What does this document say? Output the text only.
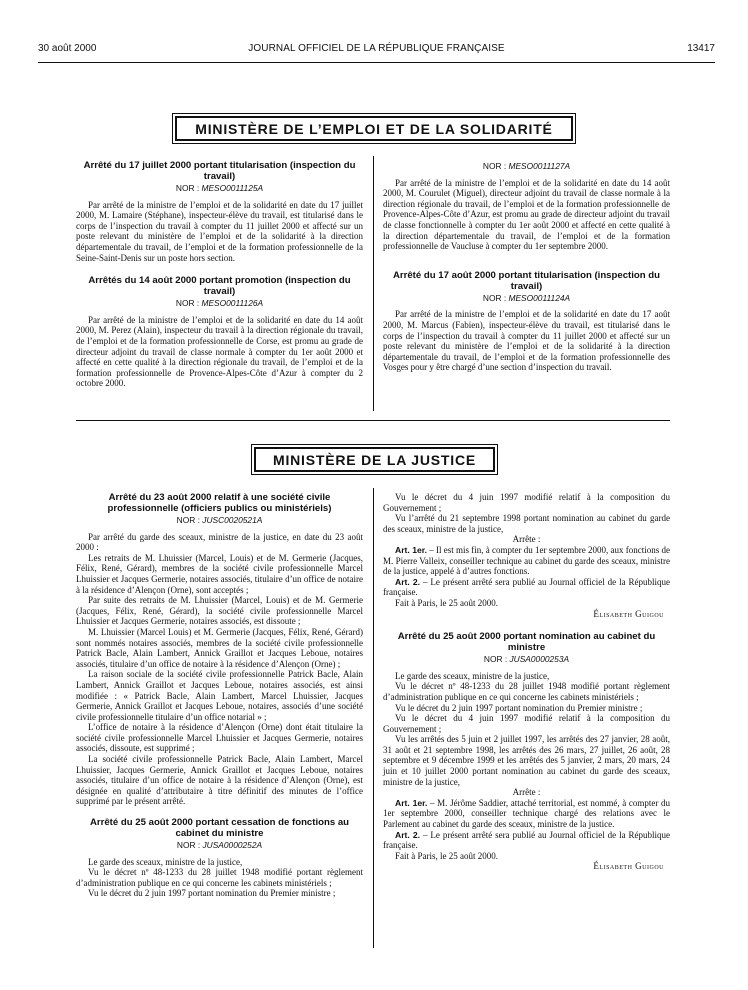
30 août 2000	JOURNAL OFFICIEL DE LA RÉPUBLIQUE FRANÇAISE	13417
MINISTÈRE DE L’EMPLOI ET DE LA SOLIDARITÉ

Arrêté du 17 juillet 2000 portant titularisation (inspection du travail)

NOR : MESO0011125A

Par arrêté de la ministre de l’emploi et de la solidarité en date du 17 juillet 2000, M. Lamaire (Stéphane), inspecteur-élève du travail, est titularisé dans le corps de l’inspection du travail à compter du 11 juillet 2000 et affecté sur un poste relevant du ministère de l’emploi et de la solidarité à la direction départementale du travail, de l’emploi et de la formation professionnelle de la Seine-Saint-Denis sur un poste hors section.

Arrêtés du 14 août 2000 portant promotion (inspection du travail)

NOR : MESO0011126A

Par arrêté de la ministre de l’emploi et de la solidarité en date du 14 août 2000, M. Perez (Alain), inspecteur du travail à la direction régionale du travail, de l’emploi et de la formation professionnelle de Corse, est promu au grade de directeur adjoint du travail de classe normale à compter du 1er août 2000 et affecté en cette qualité à la direction régionale du travail, de l’emploi et de la formation professionnelle de Provence-Alpes-Côte d’Azur à compter du 2 octobre 2000.

NOR : MESO0011127A

Par arrêté de la ministre de l’emploi et de la solidarité en date du 14 août 2000, M. Courulet (Miguel), directeur adjoint du travail de classe normale à la direction régionale du travail, de l’emploi et de la formation professionnelle de Provence-Alpes-Côte d’Azur, est promu au grade de directeur adjoint du travail de classe fonctionnelle à compter du 1er août 2000 et affecté en cette qualité à la direction départementale du travail, de l’emploi et de la formation professionnelle de Vaucluse à compter du 1er septembre 2000.

Arrêté du 17 août 2000 portant titularisation (inspection du travail)

NOR : MESO0011124A

Par arrêté de la ministre de l’emploi et de la solidarité en date du 17 août 2000, M. Marcus (Fabien), inspecteur-élève du travail, est titularisé dans le corps de l’inspection du travail à compter du 11 juillet 2000 et affecté sur un poste relevant du ministère de l’emploi et de la solidarité à la direction départementale du travail, de l’emploi et de la formation professionnelle des Vosges pour y être chargé d’une section d’inspection du travail.

MINISTÈRE DE LA JUSTICE

Arrêté du 23 août 2000 relatif à une société civile professionnelle (officiers publics ou ministériels)

NOR : JUSC0020521A

Par arrêté du garde des sceaux, ministre de la justice, en date du 23 août 2000 :

Les retraits de M. Lhuissier (Marcel, Louis) et de M. Germerie (Jacques, Félix, René, Gérard), membres de la société civile professionnelle Marcel Lhuissier et Jacques Germerie, notaires associés, titulaire d’un office de notaire à la résidence d’Alençon (Orne), sont acceptés ;

Par suite des retraits de M. Lhuissier (Marcel, Louis) et de M. Germerie (Jacques, Félix, René, Gérard), la société civile professionnelle Marcel Lhuissier et Jacques Germerie, notaires associés, est dissoute ;

M. Lhuissier (Marcel Louis) et M. Germerie (Jacques, Félix, René, Gérard) sont nommés notaires associés, membres de la société civile professionnelle Patrick Bacle, Alain Lambert, Annick Graillot et Jacques Leboue, notaires associés, titulaire d’un office de notaire à la résidence d’Alençon (Orne) ;

La raison sociale de la société civile professionnelle Patrick Bacle, Alain Lambert, Annick Graillot et Jacques Leboue, notaires associés, est ainsi modifiée : « Patrick Bacle, Alain Lambert, Marcel Lhuissier, Jacques Germerie, Annick Graillot et Jacques Leboue, notaires, associés d’une société civile professionnelle titulaire d’un office notarial » ;

L’office de notaire à la résidence d’Alençon (Orne) dont était titulaire la société civile professionnelle Marcel Lhuissier et Jacques Germerie, notaires associés, dissoute, est supprimé ;

La société civile professionnelle Patrick Bacle, Alain Lambert, Marcel Lhuissier, Jacques Germerie, Annick Graillot et Jacques Leboue, notaires associés, titulaire d’un office de notaire à la résidence d’Alençon (Orne), est désignée en qualité d’attributaire à titre définitif des minutes de l’office supprimé par le présent arrêté.

Arrêté du 25 août 2000 portant cessation de fonctions au cabinet du ministre

NOR : JUSA0000252A

Le garde des sceaux, ministre de la justice,

Vu le décret nº 48-1233 du 28 juillet 1948 modifié portant règlement d’administration publique en ce qui concerne les cabinets ministériels ;

Vu le décret du 2 juin 1997 portant nomination du Premier ministre ;

Vu le décret du 4 juin 1997 modifié relatif à la composition du Gouvernement ;

Vu l’arrêté du 21 septembre 1998 portant nomination au cabinet du garde des sceaux, ministre de la justice,

Arrête :

Art. 1er. – Il est mis fin, à compter du 1er septembre 2000, aux fonctions de M. Pierre Valleix, conseiller technique au cabinet du garde des sceaux, ministre de la justice, appelé à d’autres fonctions.

Art. 2. – Le présent arrêté sera publié au Journal officiel de la République française.

Fait à Paris, le 25 août 2000.

Élisabeth Guigou

Arrêté du 25 août 2000 portant nomination au cabinet du ministre

NOR : JUSA0000253A

Le garde des sceaux, ministre de la justice,

Vu le décret nº 48-1233 du 28 juillet 1948 modifié portant règlement d’administration publique en ce qui concerne les cabinets ministériels ;

Vu le décret du 2 juin 1997 portant nomination du Premier ministre ;

Vu le décret du 4 juin 1997 modifié relatif à la composition du Gouvernement ;

Vu les arrêtés des 5 juin et 2 juillet 1997, les arrêtés des 27 janvier, 28 août, 31 août et 21 septembre 1998, les arrêtés des 26 mars, 27 juillet, 26 août, 28 septembre et 9 décembre 1999 et les arrêtés des 5 janvier, 2 mars, 20 mars, 24 juin et 10 juillet 2000 portant nomination au cabinet du garde des sceaux, ministre de la justice,

Arrête :

Art. 1er. – M. Jérôme Saddier, attaché territorial, est nommé, à compter du 1er septembre 2000, conseiller technique chargé des relations avec le Parlement au cabinet du garde des sceaux, ministre de la justice.

Art. 2. – Le présent arrêté sera publié au Journal officiel de la République française.

Fait à Paris, le 25 août 2000.

Élisabeth Guigou
